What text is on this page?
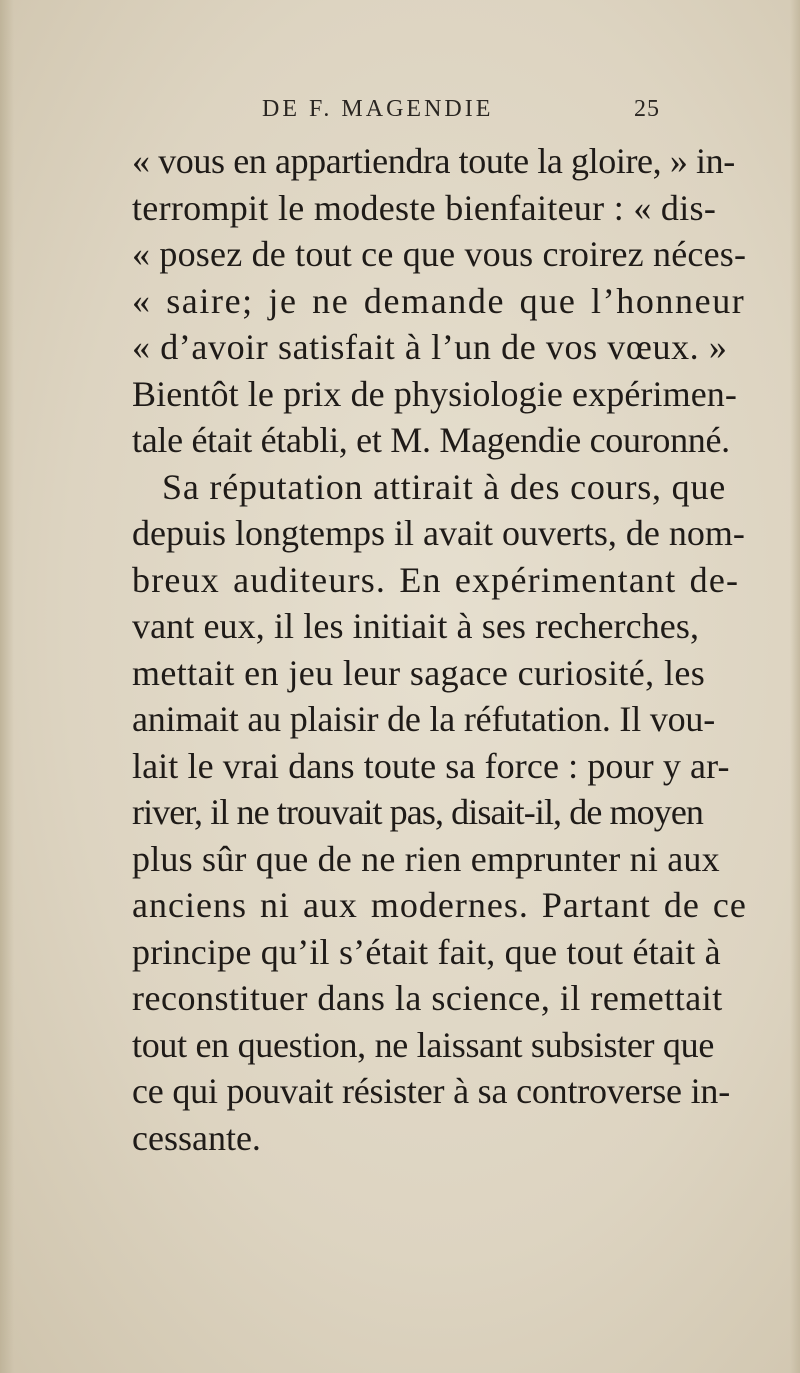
DE F. MAGENDIE	25
« vous en appartiendra toute la gloire, » in-
terrompit le modeste bienfaiteur : « dis-
« posez de tout ce que vous croirez néces-
« saire; je ne demande que l’honneur
« d’avoir satisfait à l’un de vos vœux. »
Bientôt le prix de physiologie expérimen-
tale était établi, et M. Magendie couronné.
Sa réputation attirait à des cours, que
depuis longtemps il avait ouverts, de nom-
breux auditeurs. En expérimentant de-
vant eux, il les initiait à ses recherches,
mettait en jeu leur sagace curiosité, les
animait au plaisir de la réfutation. Il vou-
lait le vrai dans toute sa force : pour y ar-
river, il ne trouvait pas, disait-il, de moyen
plus sûr que de ne rien emprunter ni aux
anciens ni aux modernes. Partant de ce
principe qu’il s’était fait, que tout était à
reconstituer dans la science, il remettait
tout en question, ne laissant subsister que
ce qui pouvait résister à sa controverse in-
cessante.
